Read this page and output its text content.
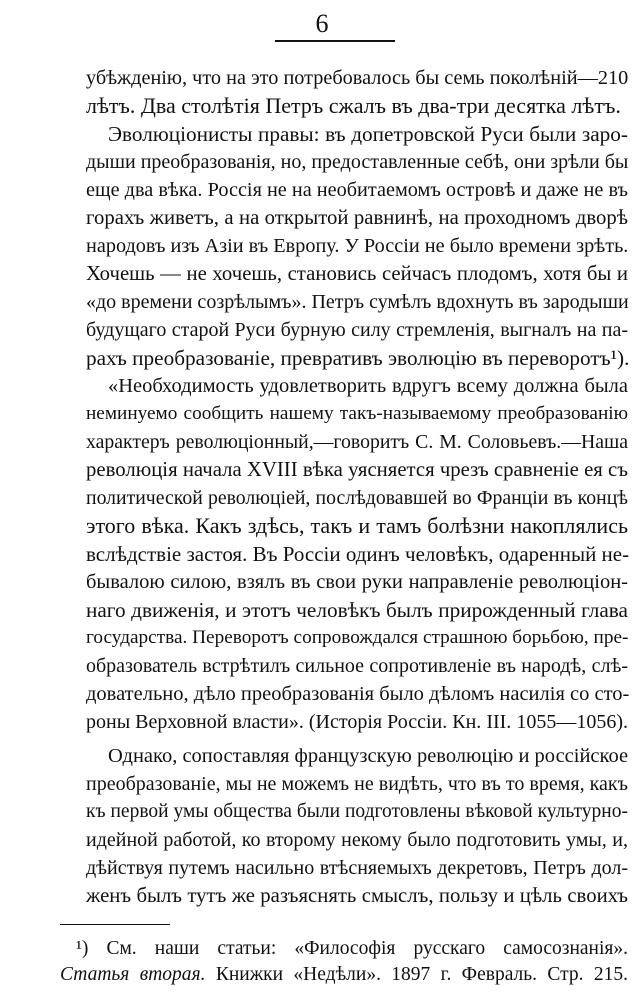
6
убѣжденію, что на это потребовалось бы семь поколѣній—210
лѣтъ. Два столѣтія Петръ сжалъ въ два-три десятка лѣтъ.
Эволюціонисты правы: въ допетровской Руси были заро-
дыши преобразованія, но, предоставленные себѣ, они зрѣли бы
еще два вѣка. Россія не на необитаемомъ островѣ и даже не въ
горахъ живетъ, а на открытой равнинѣ, на проходномъ дворѣ
народовъ изъ Азіи въ Европу. У Россіи не было времени зрѣть.
Хочешь — не хочешь, становись сейчасъ плодомъ, хотя бы и
«до времени созрѣлымъ». Петръ сумѣлъ вдохнуть въ зародыши
будущаго старой Руси бурную силу стремленія, выгналъ на па-
рахъ преобразованіе, превративъ эволюцію въ переворотъ¹).
«Необходимость удовлетворить вдругъ всему должна была
неминуемо сообщить нашему такъ-называемому преобразованію
характеръ революціонный,—говоритъ С. М. Соловьевъ.—Наша
революція начала XVIII вѣка уясняется чрезъ сравненіе ея съ
политической революціей, послѣдовавшей во Франціи въ концѣ
этого вѣка. Какъ здѣсь, такъ и тамъ болѣзни накоплялись
вслѣдствіе застоя. Въ Россіи одинъ человѣкъ, одаренный не-
бывалою силою, взялъ въ свои руки направленіе революціон-
наго движенія, и этотъ человѣкъ былъ прирожденный глава
государства. Переворотъ сопровождался страшною борьбою, пре-
образователь встрѣтилъ сильное сопротивленіе въ народѣ, слѣ-
довательно, дѣло преобразованія было дѣломъ насилія со сто-
роны Верховной власти». (Исторія Россіи. Кн. III. 1055—1056).
Однако, сопоставляя французскую революцію и россійское
преобразованіе, мы не можемъ не видѣть, что въ то время, какъ
къ первой умы общества были подготовлены вѣковой культурно-
идейной работой, ко второму некому было подготовить умы, и,
дѣйствуя путемъ насильно втѣсняемыхъ декретовъ, Петръ дол-
женъ былъ тутъ же разъяснять смыслъ, пользу и цѣль своихъ
¹) См. наши статьи: «Философія русскаго самосознанія».
Статья вторая. Книжки «Недѣли». 1897 г. Февраль. Стр. 215.
